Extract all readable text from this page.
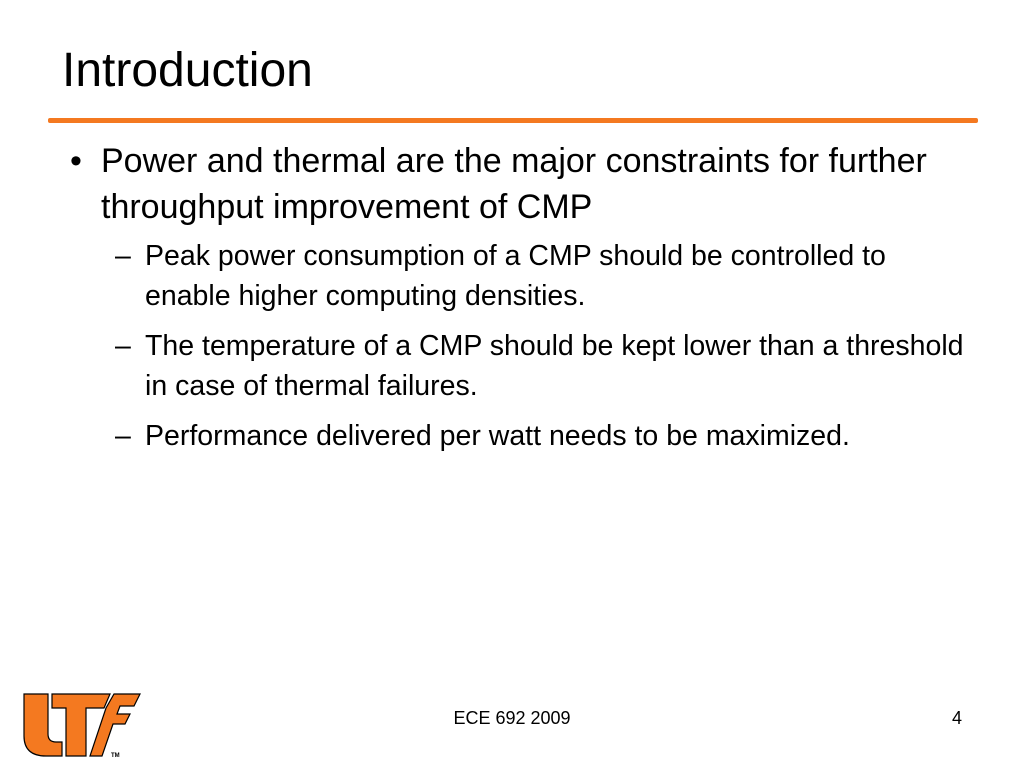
Introduction
• Power and thermal are the major constraints for further throughput improvement of CMP
– Peak power consumption of a CMP should be controlled to enable higher computing densities.
– The temperature of a CMP should be kept lower than a threshold in case of thermal failures.
– Performance delivered per watt needs to be maximized.
TM
ECE 692 2009	4
